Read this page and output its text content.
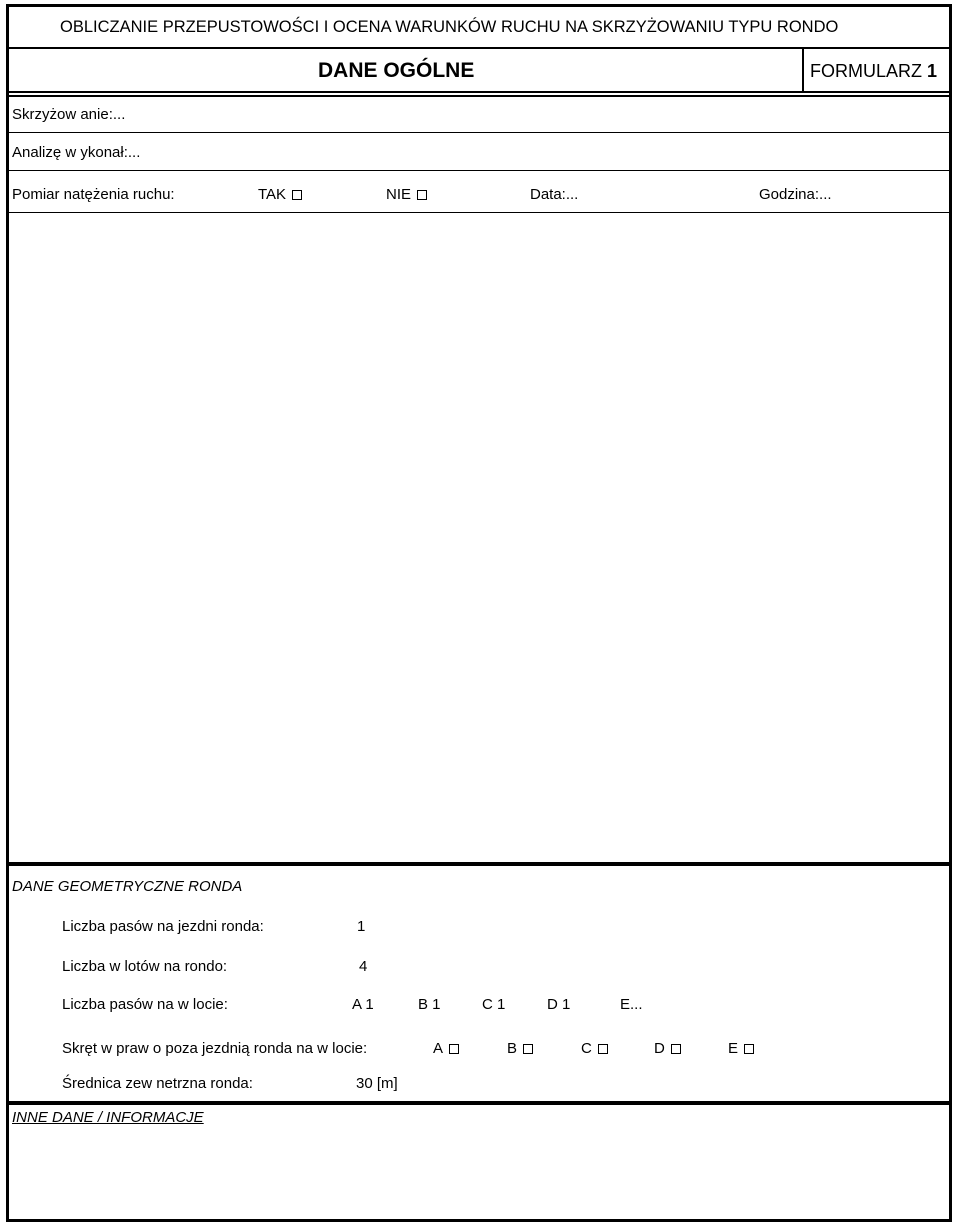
OBLICZANIE PRZEPUSTOWOŚCI I OCENA WARUNKÓW RUCHU NA SKRZYŻOWANIU TYPU RONDO
DANE OGÓLNE	FORMULARZ 1
Skrzyżow anie:...
Analizę w ykonał:...
Pomiar natężenia ruchu:	TAK	NIE	Data:...	Godzina:...
DANE GEOMETRYCZNE RONDA
Liczba pasów na jezdni ronda:	1
Liczba w lotów na rondo:	4
Liczba pasów na w locie:	A 1	B 1	C 1	D 1	E...
Skręt w praw o poza jezdnią ronda na w locie:	A	B	C	D	E
Średnica zew netrzna ronda:	30 [m]
INNE DANE / INFORMACJE
